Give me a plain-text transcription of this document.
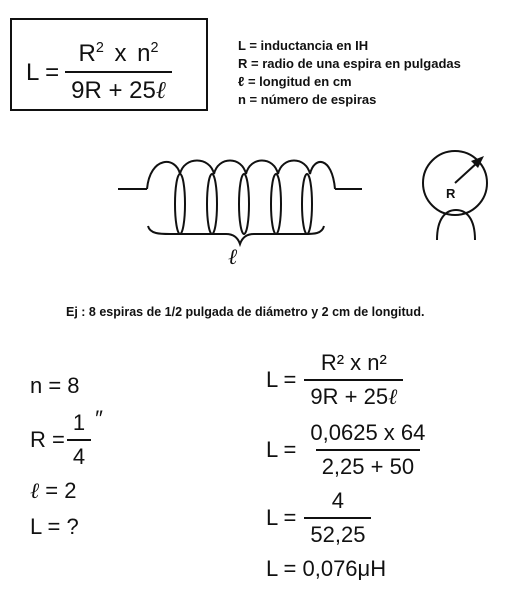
$L = \frac{R^2 x n^2}{\text{9R + 25ℓ}}$	L = inductancia en IH
R = radio de una espira en pulgadas
ℓ = longitud en cm
n = número de espiras
ℓ
R
Ej : 8 espiras de 1/2 pulgada de diámetro y 2 cm de longitud.
n = 8
$R = \frac{1}{4}$ ″
ℓ = 2
L = ?
$L = \frac{\text{R² x n²}}{\text{9R + 25ℓ}}$
$L = \frac{0,0625 x 64}{2,25 + 50}$
$L = \frac{4}{52,25}$
L = 0,076μH
